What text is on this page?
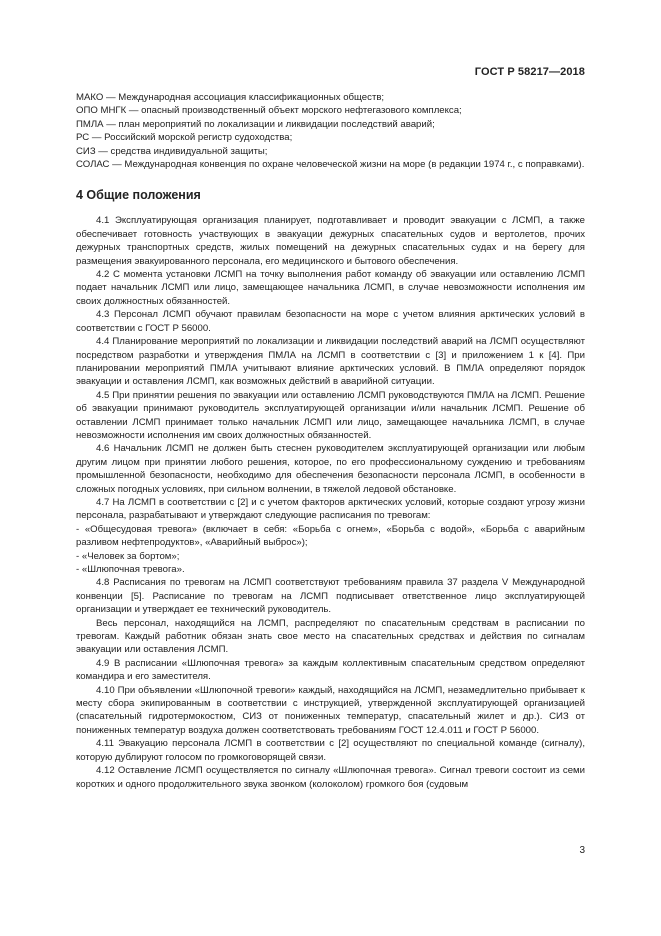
ГОСТ Р 58217—2018

МАКО — Международная ассоциация классификационных обществ;

ОПО МНГК — опасный производственный объект морского нефтегазового комплекса;

ПМЛА — план мероприятий по локализации и ликвидации последствий аварий;

РС — Российский морской регистр судоходства;

СИЗ — средства индивидуальной защиты;

СОЛАС — Международная конвенция по охране человеческой жизни на море (в редакции 1974 г., с поправками).

4 Общие положения

4.1 Эксплуатирующая организация планирует, подготавливает и проводит эвакуации с ЛСМП, а также обеспечивает готовность участвующих в эвакуации дежурных спасательных судов и вертолетов, прочих дежурных транспортных средств, жилых помещений на дежурных спасательных судах и на берегу для размещения эвакуированного персонала, его медицинского и бытового обеспечения.

4.2 С момента установки ЛСМП на точку выполнения работ команду об эвакуации или оставлению ЛСМП подает начальник ЛСМП или лицо, замещающее начальника ЛСМП, в случае невозможности исполнения им своих должностных обязанностей.

4.3 Персонал ЛСМП обучают правилам безопасности на море с учетом влияния арктических условий в соответствии с ГОСТ Р 56000.

4.4 Планирование мероприятий по локализации и ликвидации последствий аварий на ЛСМП осуществляют посредством разработки и утверждения ПМЛА на ЛСМП в соответствии с [3] и приложением 1 к [4]. При планировании мероприятий ПМЛА учитывают влияние арктических условий. В ПМЛА определяют порядок эвакуации и оставления ЛСМП, как возможных действий в аварийной ситуации.

4.5 При принятии решения по эвакуации или оставлению ЛСМП руководствуются ПМЛА на ЛСМП. Решение об эвакуации принимают руководитель эксплуатирующей организации и/или начальник ЛСМП. Решение об оставлении ЛСМП принимает только начальник ЛСМП или лицо, замещающее начальника ЛСМП, в случае невозможности исполнения им своих должностных обязанностей.

4.6 Начальник ЛСМП не должен быть стеснен руководителем эксплуатирующей организации или любым другим лицом при принятии любого решения, которое, по его профессиональному суждению и требованиям промышленной безопасности, необходимо для обеспечения безопасности персонала ЛСМП, в особенности в сложных погодных условиях, при сильном волнении, в тяжелой ледовой обстановке.

4.7 На ЛСМП в соответствии с [2] и с учетом факторов арктических условий, которые создают угрозу жизни персонала, разрабатывают и утверждают следующие расписания по тревогам:

- «Общесудовая тревога» (включает в себя: «Борьба с огнем», «Борьба с водой», «Борьба с аварийным разливом нефтепродуктов», «Аварийный выброс»);

- «Человек за бортом»;

- «Шлюпочная тревога».

4.8 Расписания по тревогам на ЛСМП соответствуют требованиям правила 37 раздела V Международной конвенции [5]. Расписание по тревогам на ЛСМП подписывает ответственное лицо эксплуатирующей организации и утверждает ее технический руководитель.

Весь персонал, находящийся на ЛСМП, распределяют по спасательным средствам в расписании по тревогам. Каждый работник обязан знать свое место на спасательных средствах и действия по сигналам эвакуации или оставления ЛСМП.

4.9 В расписании «Шлюпочная тревога» за каждым коллективным спасательным средством определяют командира и его заместителя.

4.10 При объявлении «Шлюпочной тревоги» каждый, находящийся на ЛСМП, незамедлительно прибывает к месту сбора экипированным в соответствии с инструкцией, утвержденной эксплуатирующей организацией (спасательный гидротермокостюм, СИЗ от пониженных температур, спасательный жилет и др.). СИЗ от пониженных температур воздуха должен соответствовать требованиям ГОСТ 12.4.011 и ГОСТ Р 56000.

4.11 Эвакуацию персонала ЛСМП в соответствии с [2] осуществляют по специальной команде (сигналу), которую дублируют голосом по громкоговорящей связи.

4.12 Оставление ЛСМП осуществляется по сигналу «Шлюпочная тревога». Сигнал тревоги состоит из семи коротких и одного продолжительного звука звонком (колоколом) громкого боя (судовым

3
